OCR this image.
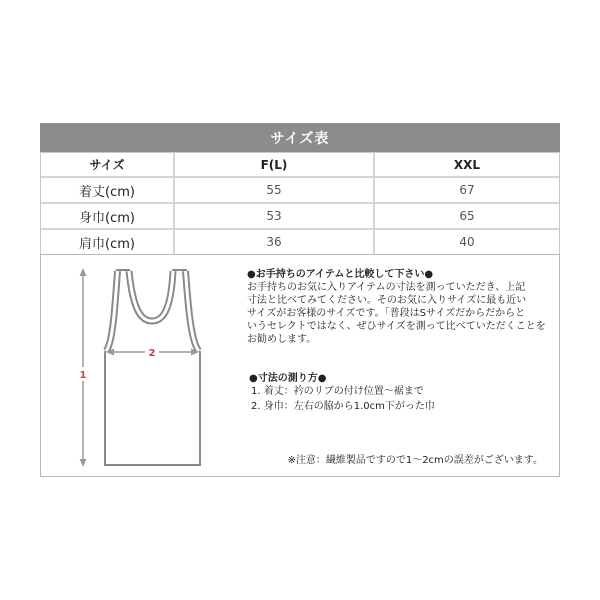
サイズ表
サイズ	F(L)	XXL
着丈(cm)	55	67
身巾(cm)	53	65
肩巾(cm)	36	40
1
2
●お手持ちのアイテムと比較して下さい●
お手持ちのお気に入りアイテムの寸法を測っていただき、上記
寸法と比べてみてください。そのお気に入りサイズに最も近い
サイズがお客様のサイズです。「普段はSサイズだからだからと
いうセレクトではなく、ぜひサイズを測って比べていただくことを
お勧めします。
●寸法の測り方●
1. 着丈：衿のリブの付け位置～裾まで
2. 身巾：左右の脇から1.0cm下がった巾
※注意：繊維製品ですので1～2cmの誤差がございます。
